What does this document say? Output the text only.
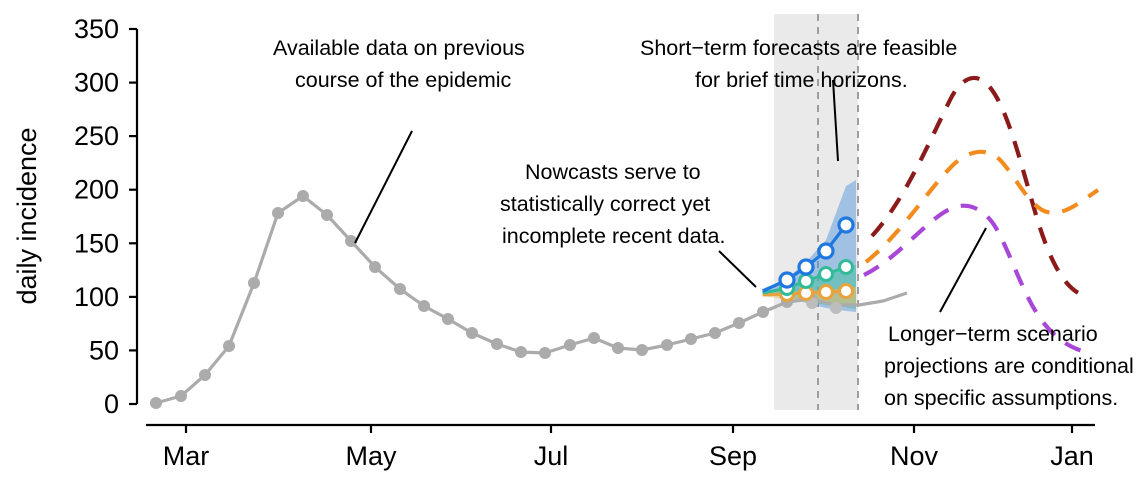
0
50
100
150
200
250
300
350
daily incidence
Mar	May	Jul	Sep	Nov	Jan
Available data on previous
course of the epidemic
Nowcasts serve to
statistically correct yet
incomplete recent data.
Short−term forecasts are feasible
for brief time horizons.
Longer−term scenario
projections are conditional
on specific assumptions.
